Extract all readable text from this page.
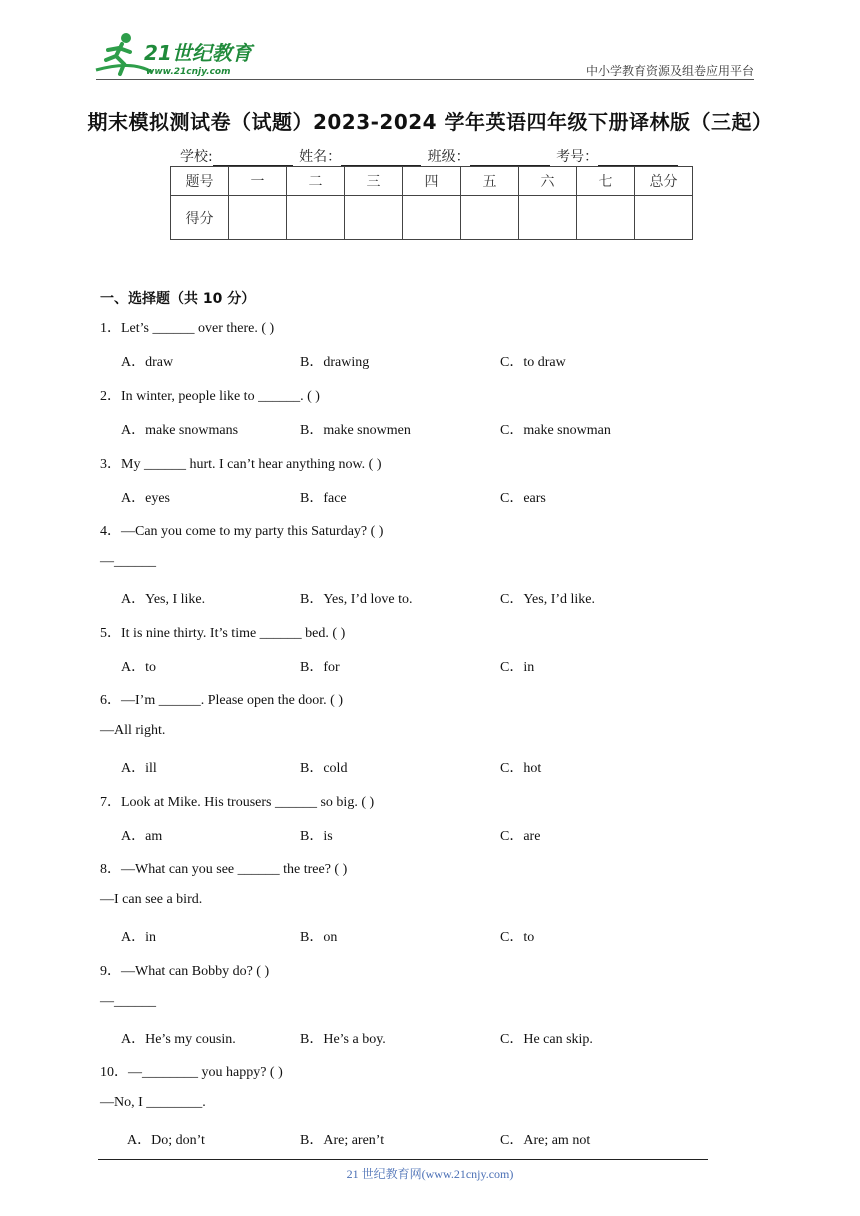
21世纪教育
www.21cnjy.com	中小学教育资源及组卷应用平台
期末模拟测试卷（试题）2023-2024 学年英语四年级下册译林版（三起）
学校:	姓名：	班级：	考号：
题号	一	二	三	四	五	六	七	总分
得分								
一、选择题（共 10 分）
1．Let’s ______ over there. ( )
A．draw	B．drawing	C．to draw
2．In winter, people like to ______. ( )
A．make snowmans	B．make snowmen	C．make snowman
3．My ______ hurt. I can’t hear anything now. ( )
A．eyes	B．face	C．ears
4．—Can you come to my party this Saturday? ( )
—______
A．Yes, I like.	B．Yes, I’d love to.	C．Yes, I’d like.
5．It is nine thirty. It’s time ______ bed. ( )
A．to	B．for	C．in
6．—I’m ______. Please open the door. ( )
—All right.
A．ill	B．cold	C．hot
7．Look at Mike. His trousers ______ so big. ( )
A．am	B．is	C．are
8．—What can you see ______ the tree? ( )
—I can see a bird.
A．in	B．on	C．to
9．—What can Bobby do? ( )
—______
A．He’s my cousin.	B．He’s a boy.	C．He can skip.
10．—________ you happy? ( )
—No, I ________.
A．Do; don’t	B．Are; aren’t	C．Are; am not
21 世纪教育网(www.21cnjy.com)
